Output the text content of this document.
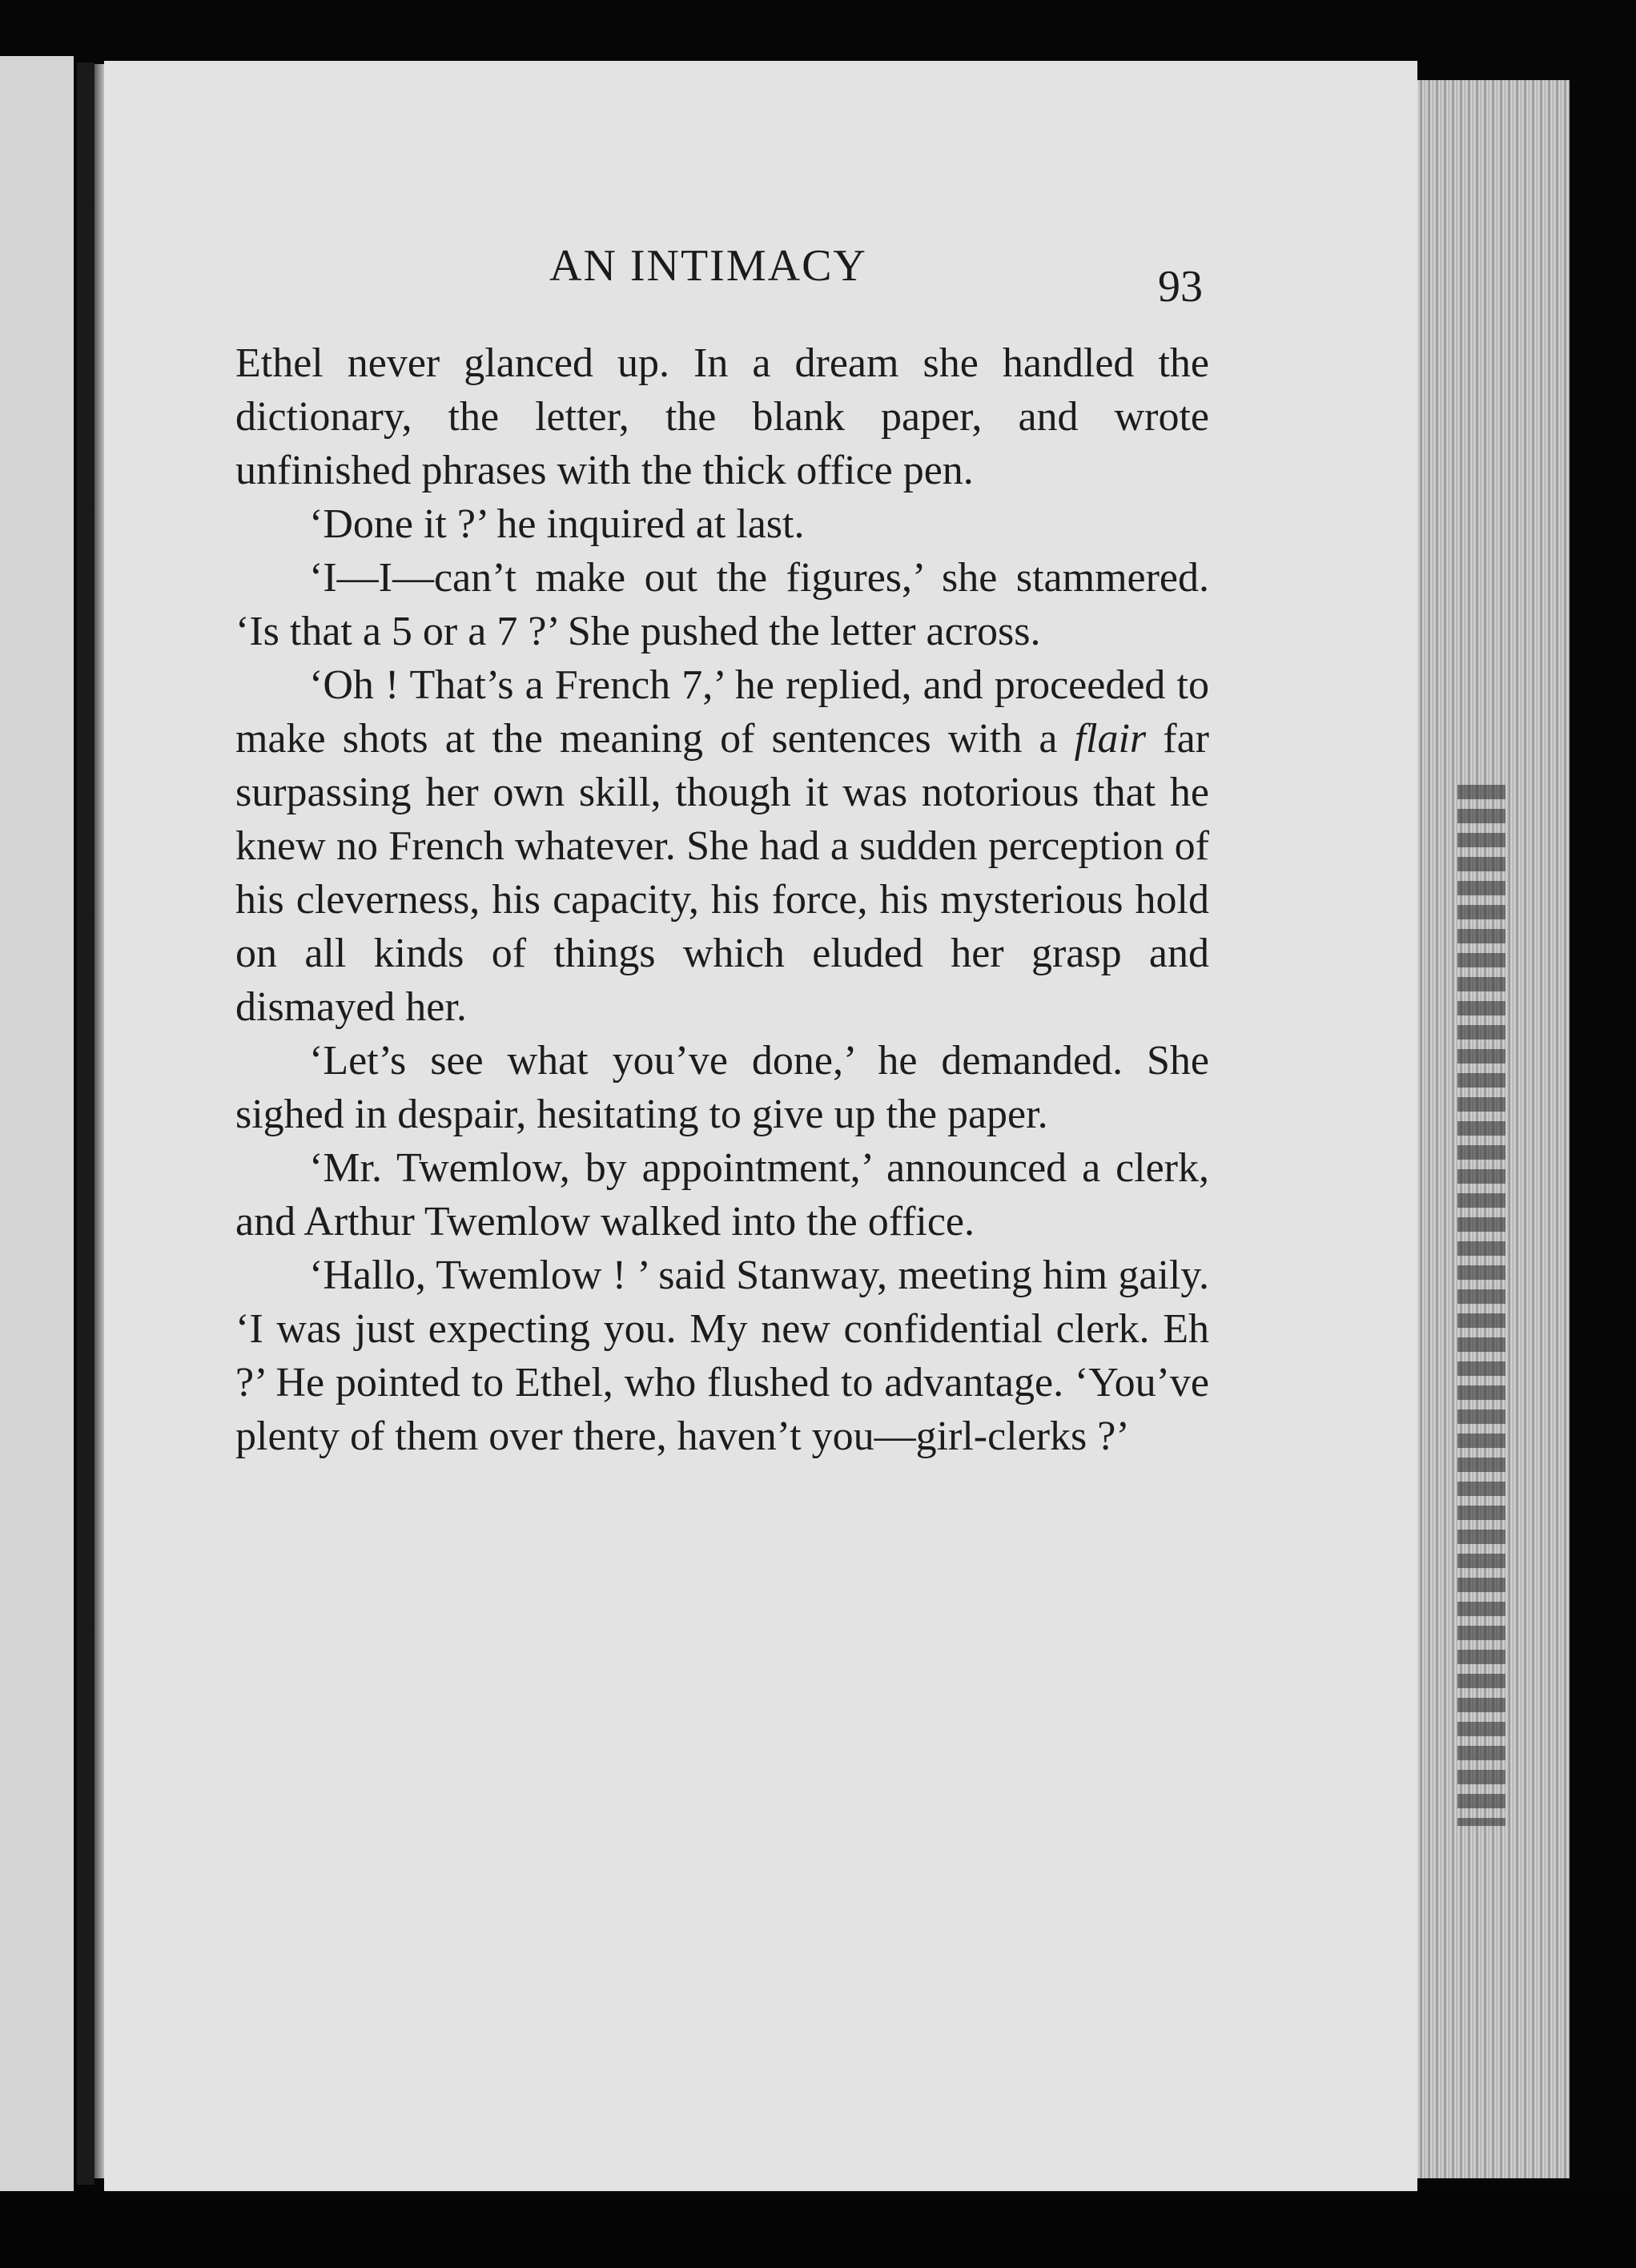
AN INTIMACY	93

Ethel never glanced up. In a dream she handled the dictionary, the letter, the blank paper, and wrote unfinished phrases with the thick office pen.

‘Done it ?’ he inquired at last.

‘I—I—can’t make out the figures,’ she stammered. ‘Is that a 5 or a 7 ?’ She pushed the letter across.

‘Oh ! That’s a French 7,’ he replied, and proceeded to make shots at the meaning of sentences with a flair far surpassing her own skill, though it was notorious that he knew no French whatever. She had a sudden perception of his cleverness, his capacity, his force, his mysterious hold on all kinds of things which eluded her grasp and dismayed her.

‘Let’s see what you’ve done,’ he demanded. She sighed in despair, hesitating to give up the paper.

‘Mr. Twemlow, by appointment,’ announced a clerk, and Arthur Twemlow walked into the office.

‘Hallo, Twemlow ! ’ said Stanway, meeting him gaily. ‘I was just expecting you. My new confidential clerk. Eh ?’ He pointed to Ethel, who flushed to advantage. ‘You’ve plenty of them over there, haven’t you—girl-clerks ?’
